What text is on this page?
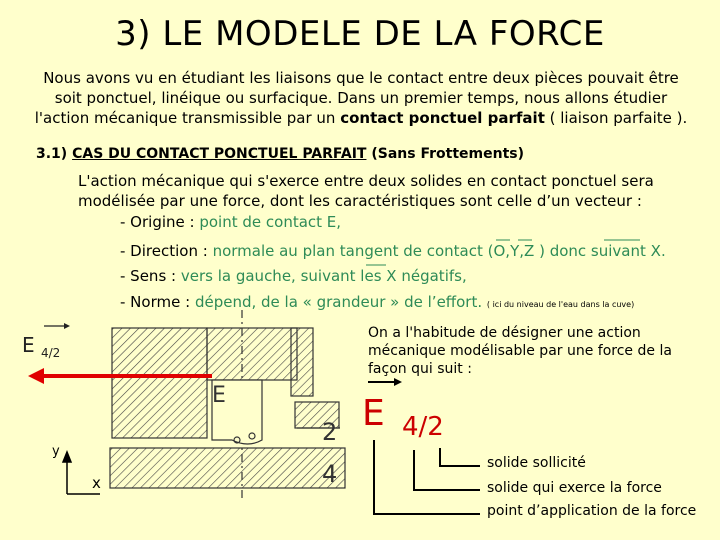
3) LE MODELE DE LA FORCE
Nous avons vu en étudiant les liaisons que le contact entre deux pièces pouvait être soit ponctuel, linéique ou surfacique. Dans un premier temps, nous allons étudier l'action mécanique transmissible par un contact ponctuel parfait ( liaison parfaite ).
3.1) CAS DU CONTACT PONCTUEL PARFAIT (Sans Frottements)
L'action mécanique qui s'exerce entre deux solides en contact ponctuel sera modélisée par une force, dont les caractéristiques sont celle d’un vecteur :
- Origine : point de contact E,
- Direction : normale au plan tangent de contact (O,Y,Z ) donc suivant X.
- Sens : vers la gauche, suivant les X négatifs,
- Norme : dépend, de la « grandeur » de l’effort. ( ici du niveau de l'eau dans la cuve)
E $_{4/2}$
y
x
E
2
4
On a l'habitude de désigner une action mécanique modélisable par une force de la façon qui suit :
E 4/2
solide sollicité
solide qui exerce la force
point d’application de la force
